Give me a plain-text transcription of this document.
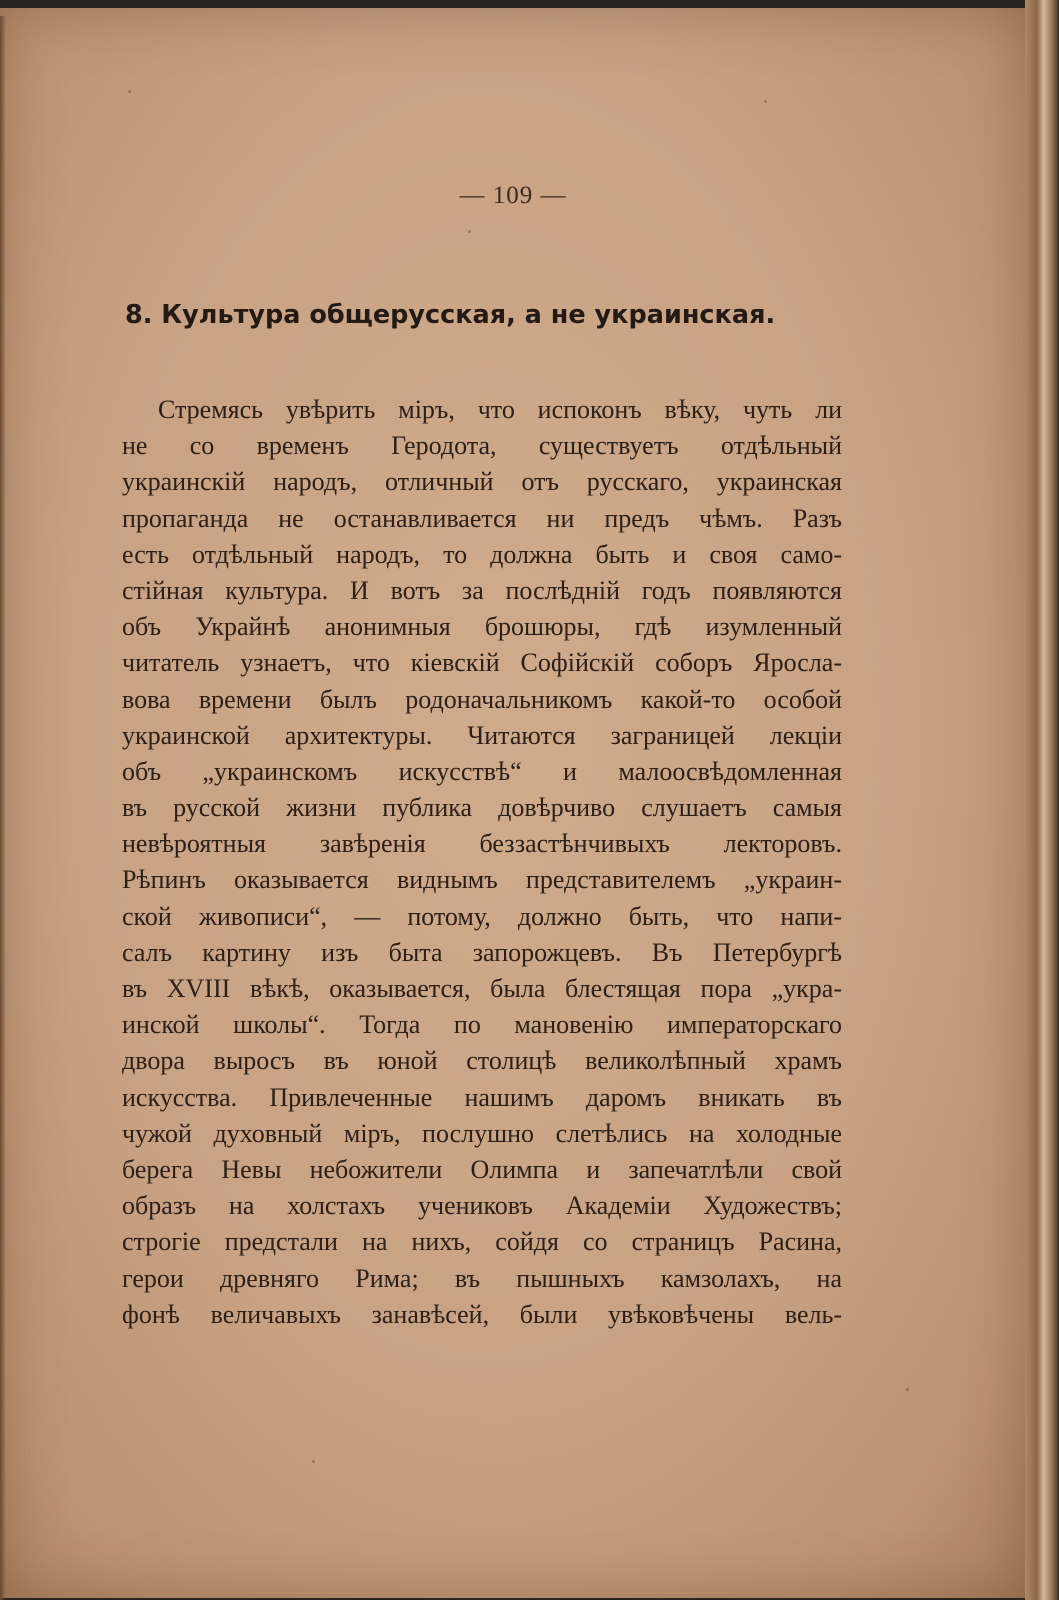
— 109 —
8. Культура общерусская, а не украинская.
Стремясь увѣрить міръ, что испоконъ вѣку, чуть ли
не со временъ Геродота, существуетъ отдѣльный
украинскій народъ, отличный отъ русскаго, украинская
пропаганда не останавливается ни предъ чѣмъ. Разъ
есть отдѣльный народъ, то должна быть и своя само-
стійная культура. И вотъ за послѣдній годъ появляются
объ Украйнѣ анонимныя брошюры, гдѣ изумленный
читатель узнаетъ, что кіевскій Софійскій соборъ Яросла-
вова времени былъ родоначальникомъ какой-то особой
украинской архитектуры. Читаются заграницей лекціи
объ „украинскомъ искусствѣ“ и малоосвѣдомленная
въ русской жизни публика довѣрчиво слушаетъ самыя
невѣроятныя завѣренія беззастѣнчивыхъ лекторовъ.
Рѣпинъ оказывается виднымъ представителемъ „украин-
ской живописи“, — потому, должно быть, что напи-
салъ картину изъ быта запорожцевъ. Въ Петербургѣ
въ XVIII вѣкѣ, оказывается, была блестящая пора „укра-
инской школы“. Тогда по мановенію императорскаго
двора выросъ въ юной столицѣ великолѣпный храмъ
искусства. Привлеченные нашимъ даромъ вникать въ
чужой духовный міръ, послушно слетѣлись на холодные
берега Невы небожители Олимпа и запечатлѣли свой
образъ на холстахъ учениковъ Академіи Художествъ;
строгіе предстали на нихъ, сойдя со страницъ Расина,
герои древняго Рима; въ пышныхъ камзолахъ, на
фонѣ величавыхъ занавѣсей, были увѣковѣчены вель-
